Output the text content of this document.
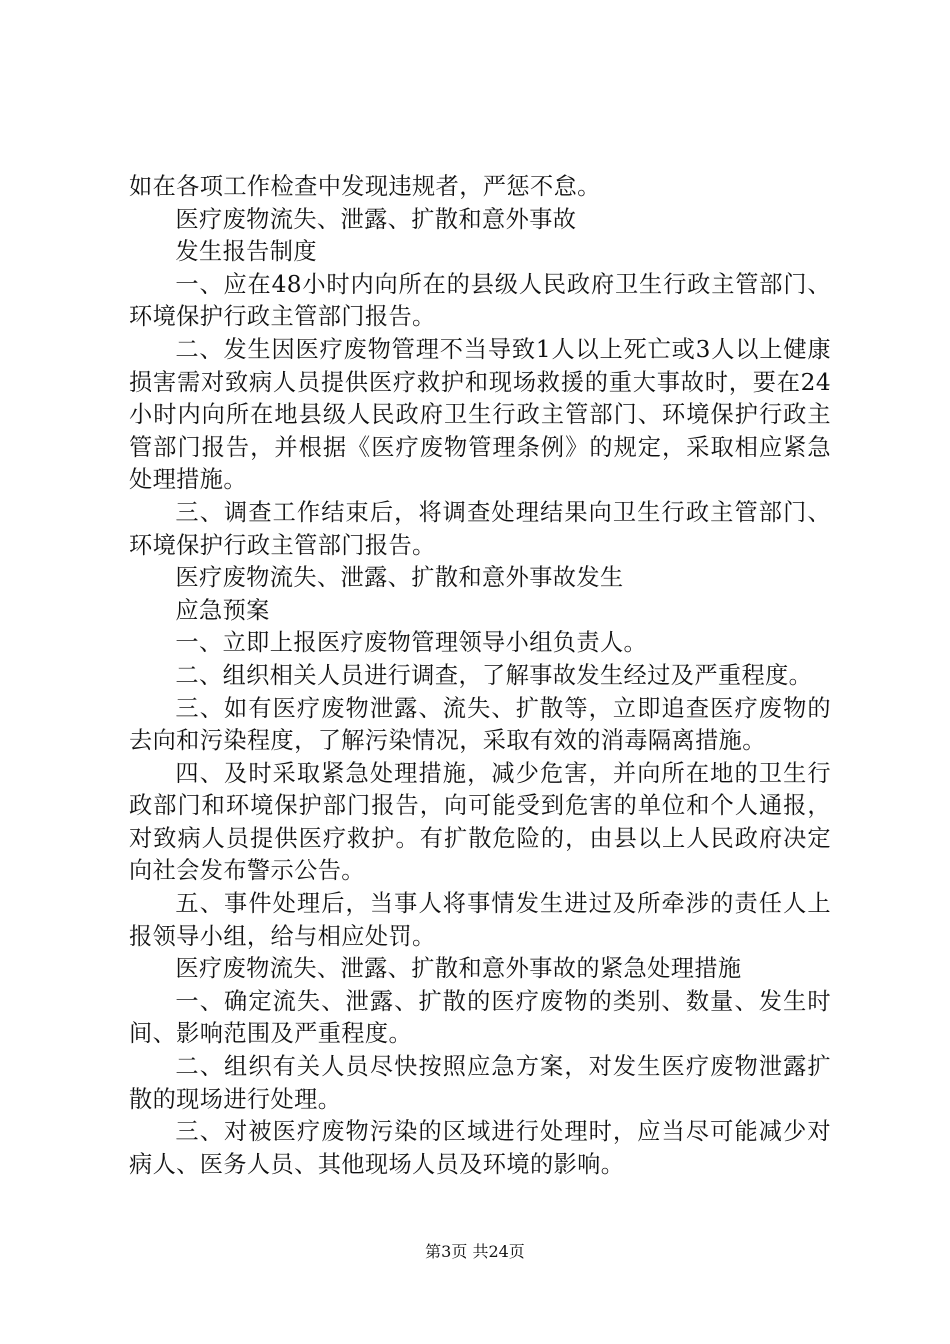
如在各项工作检查中发现违规者，严惩不怠。

医疗废物流失、泄露、扩散和意外事故

发生报告制度

一、应在48小时内向所在的县级人民政府卫生行政主管部门、环境保护行政主管部门报告。

二、发生因医疗废物管理不当导致1人以上死亡或3人以上健康损害需对致病人员提供医疗救护和现场救援的重大事故时，要在24小时内向所在地县级人民政府卫生行政主管部门、环境保护行政主管部门报告，并根据《医疗废物管理条例》的规定，采取相应紧急处理措施。

三、调查工作结束后，将调查处理结果向卫生行政主管部门、环境保护行政主管部门报告。

医疗废物流失、泄露、扩散和意外事故发生

应急预案

一、立即上报医疗废物管理领导小组负责人。

二、组织相关人员进行调查，了解事故发生经过及严重程度。

三、如有医疗废物泄露、流失、扩散等，立即追查医疗废物的去向和污染程度，了解污染情况，采取有效的消毒隔离措施。

四、及时采取紧急处理措施，减少危害，并向所在地的卫生行政部门和环境保护部门报告，向可能受到危害的单位和个人通报，对致病人员提供医疗救护。有扩散危险的，由县以上人民政府决定向社会发布警示公告。

五、事件处理后，当事人将事情发生进过及所牵涉的责任人上报领导小组，给与相应处罚。

医疗废物流失、泄露、扩散和意外事故的紧急处理措施

一、确定流失、泄露、扩散的医疗废物的类别、数量、发生时间、影响范围及严重程度。

二、组织有关人员尽快按照应急方案，对发生医疗废物泄露扩散的现场进行处理。

三、对被医疗废物污染的区域进行处理时，应当尽可能减少对病人、医务人员、其他现场人员及环境的影响。

第3页 共24页
